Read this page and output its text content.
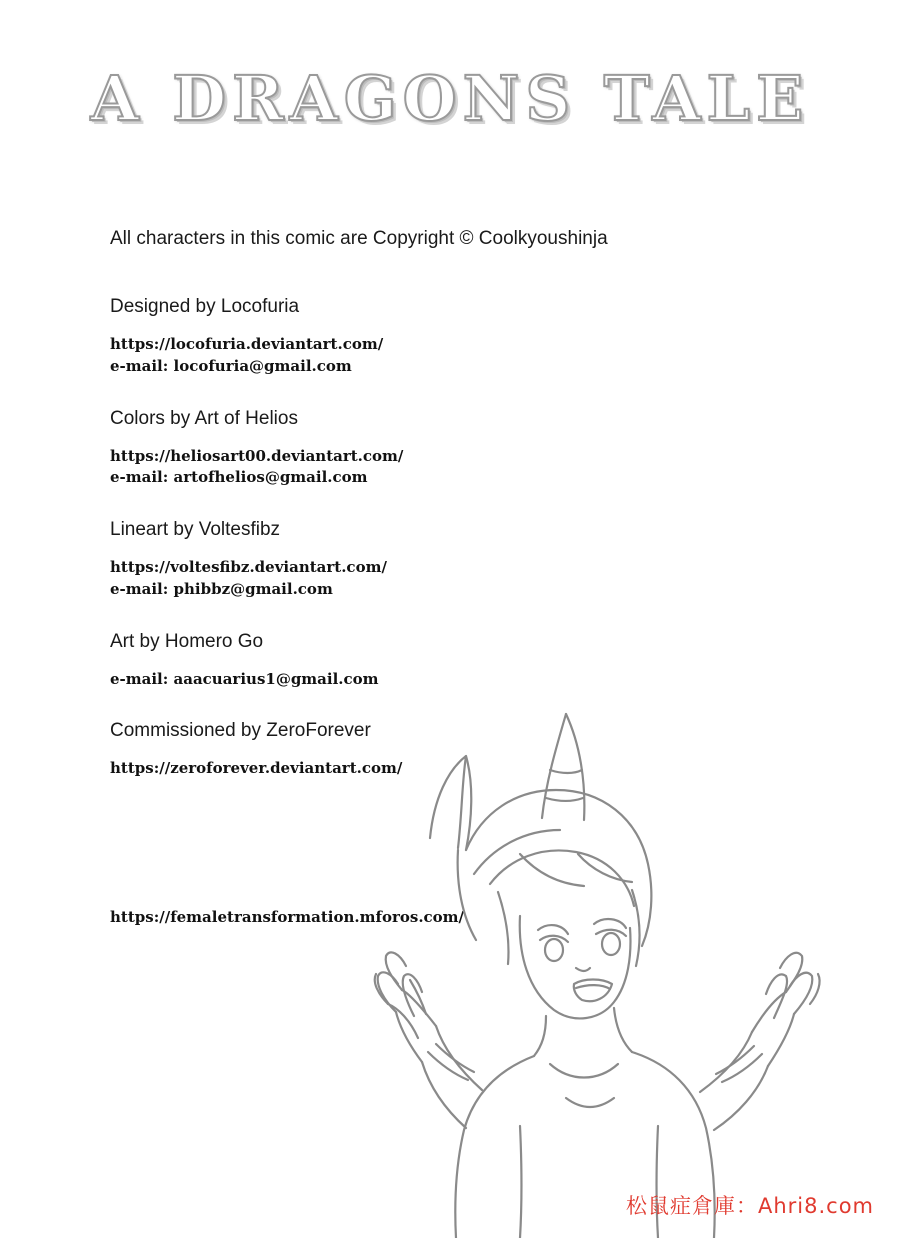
A DRAGONS TALE

All characters in this comic are Copyright © Coolkyoushinja

Designed by Locofuria

https://locofuria.deviantart.com/
e-mail: locofuria@gmail.com

Colors by Art of Helios

https://heliosart00.deviantart.com/
e-mail: artofhelios@gmail.com

Lineart by Voltesfibz

https://voltesfibz.deviantart.com/
e-mail: phibbz@gmail.com

Art by Homero Go

e-mail: aaacuarius1@gmail.com

Commissioned by ZeroForever

https://zeroforever.deviantart.com/
https://femaletransformation.mforos.com/
松鼠症倉庫：Ahri8.com
